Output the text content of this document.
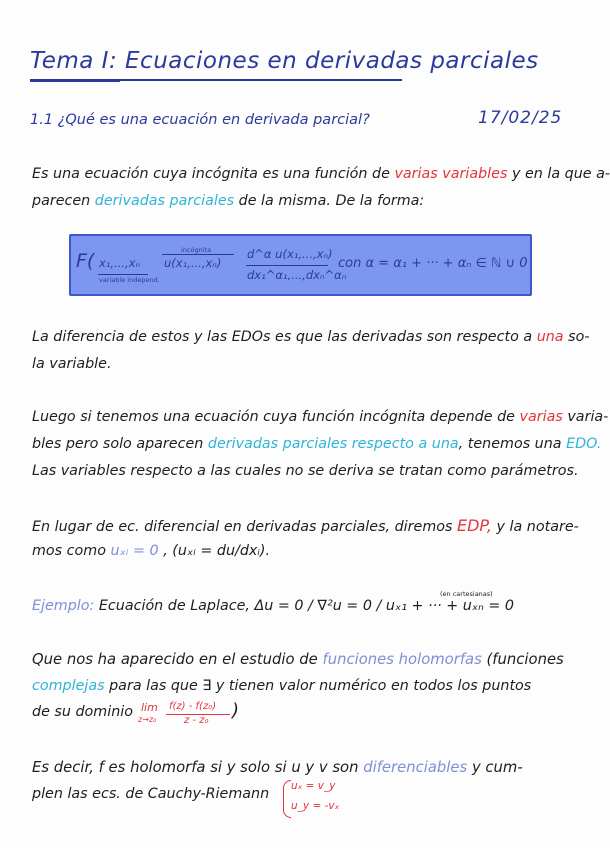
Tema I: Ecuaciones en derivadas parciales
1.1 ¿Qué es una ecuación en derivada parcial?	17/02/25
Es una ecuación cuya incógnita es una función de varias variables y en la que a-
parecen derivadas parciales de la misma. De la forma:
F( x₁,...,xₙ
variable independ.
incógnita
u(x₁,...,xₙ)
d^α u(x₁,...,xₙ)
dx₁^α₁,...,dxₙ^αₙ
con α = α₁ + ··· + αₙ ∈ ℕ ∪ 0
La diferencia de estos y las EDOs es que las derivadas son respecto a una so-
la variable.
Luego si tenemos una ecuación cuya función incógnita depende de varias varia-
bles pero solo aparecen derivadas parciales respecto a una, tenemos una EDO.
Las variables respecto a las cuales no se deriva se tratan como parámetros.
En lugar de ec. diferencial en derivadas parciales, diremos EDP, y la notare-
mos como uₓᵢ = 0 , (uₓᵢ = du/dxᵢ).
(en cartesianas)
Ejemplo: Ecuación de Laplace, Δu = 0 / ∇²u = 0 / uₓ₁ + ··· + uₓₙ = 0
Que nos ha aparecido en el estudio de funciones holomorfas (funciones
complejas para las que ∃ y tienen valor numérico en todos los puntos
de su dominio lim
z→z₀
f(z) - f(z₀)
z - z₀ )
Es decir, f es holomorfa si y solo si u y v son diferenciables y cum-
plen las ecs. de Cauchy-Riemann uₓ = v_y
u_y = -vₓ
